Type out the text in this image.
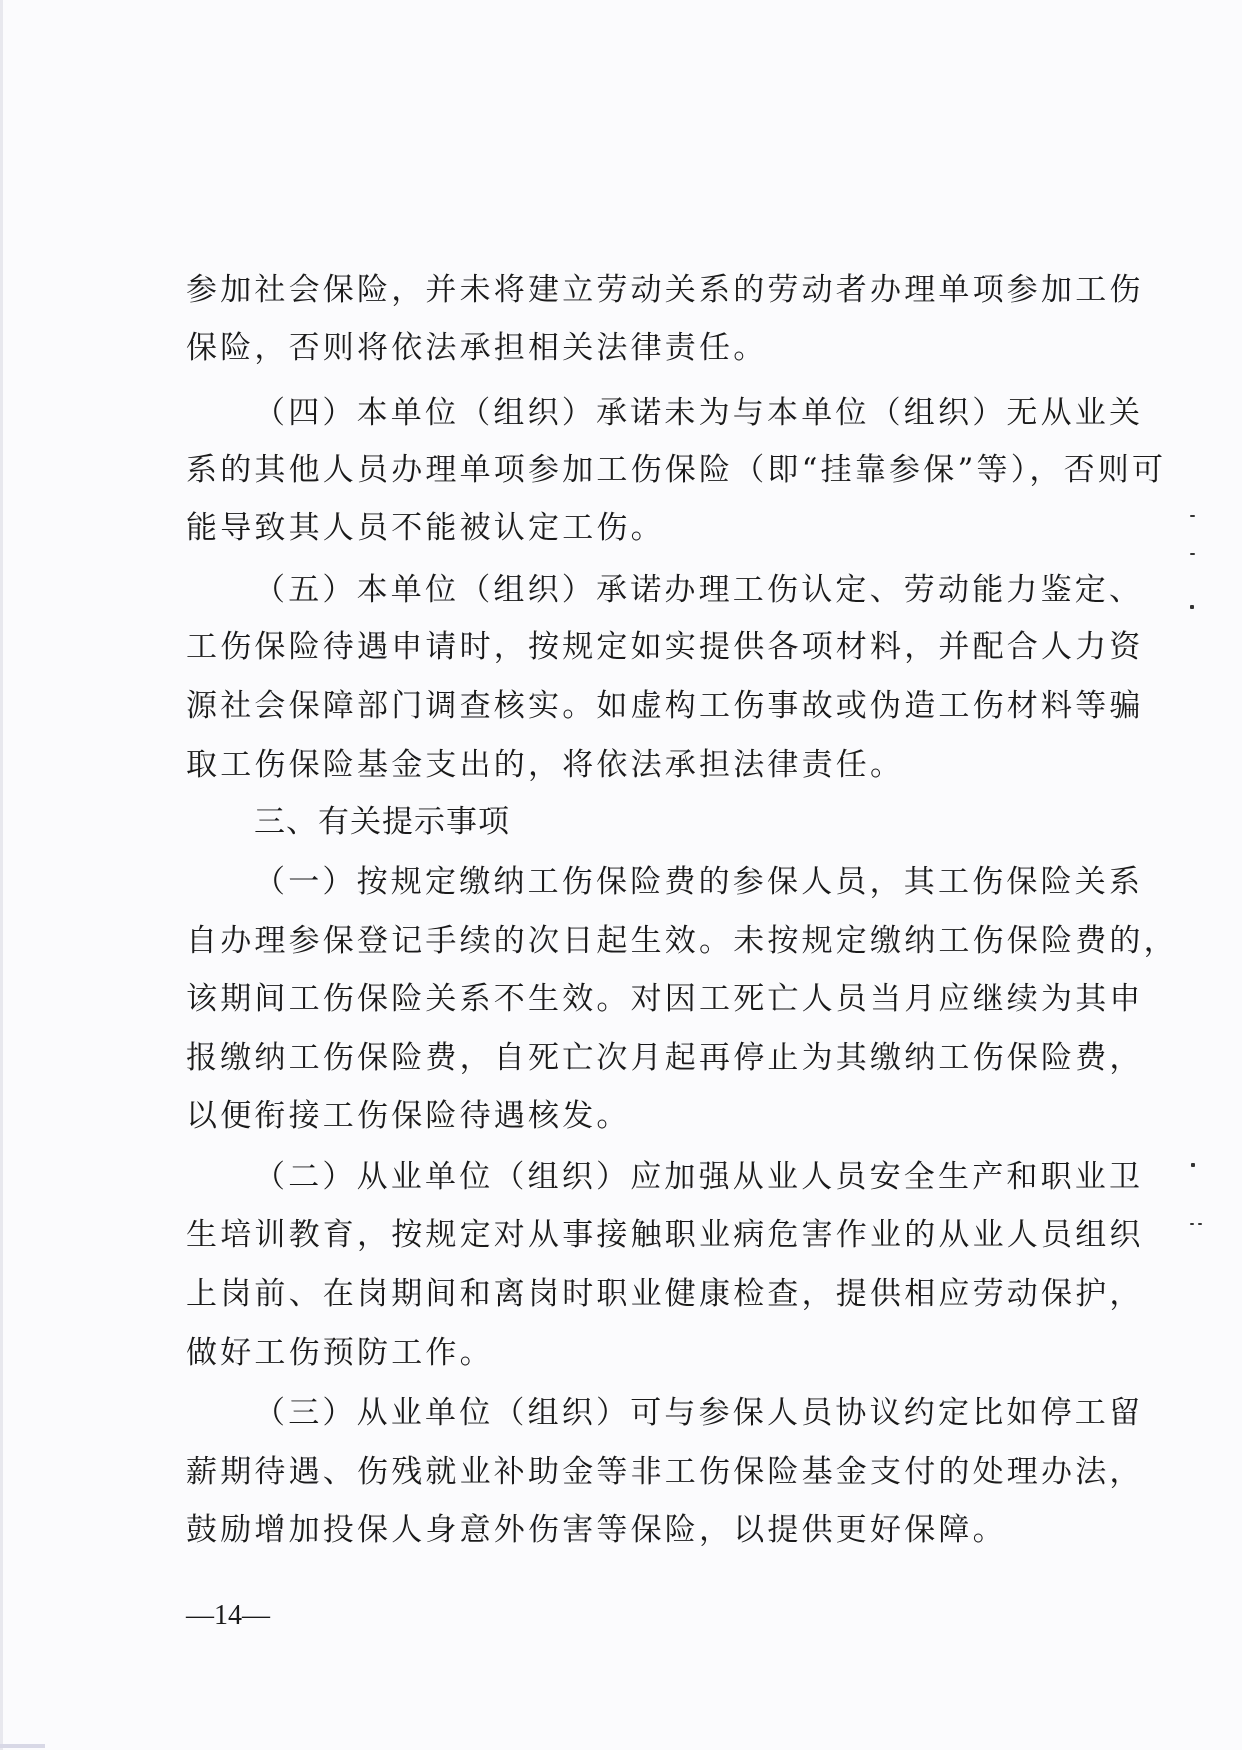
参加社会保险，并未将建立劳动关系的劳动者办理单项参加工伤
保险，否则将依法承担相关法律责任。
（四）本单位（组织）承诺未为与本单位（组织）无从业关
系的其他人员办理单项参加工伤保险（即“挂靠参保”等），否则可
能导致其人员不能被认定工伤。
（五）本单位（组织）承诺办理工伤认定、劳动能力鉴定、
工伤保险待遇申请时，按规定如实提供各项材料，并配合人力资
源社会保障部门调查核实。如虚构工伤事故或伪造工伤材料等骗
取工伤保险基金支出的，将依法承担法律责任。
三、有关提示事项
（一）按规定缴纳工伤保险费的参保人员，其工伤保险关系
自办理参保登记手续的次日起生效。未按规定缴纳工伤保险费的，
该期间工伤保险关系不生效。对因工死亡人员当月应继续为其申
报缴纳工伤保险费，自死亡次月起再停止为其缴纳工伤保险费，
以便衔接工伤保险待遇核发。
（二）从业单位（组织）应加强从业人员安全生产和职业卫
生培训教育，按规定对从事接触职业病危害作业的从业人员组织
上岗前、在岗期间和离岗时职业健康检查，提供相应劳动保护，
做好工伤预防工作。
（三）从业单位（组织）可与参保人员协议约定比如停工留
薪期待遇、伤残就业补助金等非工伤保险基金支付的处理办法，
鼓励增加投保人身意外伤害等保险，以提供更好保障。
—14—
